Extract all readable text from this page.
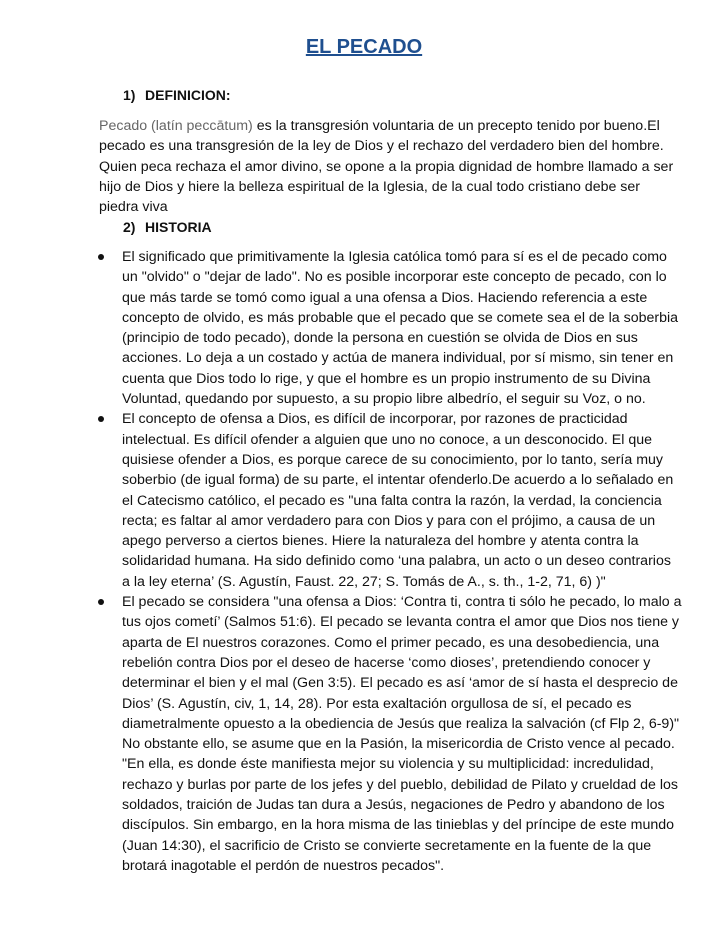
EL PECADO
1) DEFINICION:

Pecado (latín peccātum) es la transgresión voluntaria de un precepto tenido por bueno.El pecado es una transgresión de la ley de Dios y el rechazo del verdadero bien del hombre. Quien peca rechaza el amor divino, se opone a la propia dignidad de hombre llamado a ser hijo de Dios y hiere la belleza espiritual de la Iglesia, de la cual todo cristiano debe ser piedra viva

2) HISTORIA
El significado que primitivamente la Iglesia católica tomó para sí es el de pecado como un "olvido" o "dejar de lado". No es posible incorporar este concepto de pecado, con lo que más tarde se tomó como igual a una ofensa a Dios. Haciendo referencia a este concepto de olvido, es más probable que el pecado que se comete sea el de la soberbia (principio de todo pecado), donde la persona en cuestión se olvida de Dios en sus acciones. Lo deja a un costado y actúa de manera individual, por sí mismo, sin tener en cuenta que Dios todo lo rige, y que el hombre es un propio instrumento de su Divina Voluntad, quedando por supuesto, a su propio libre albedrío, el seguir su Voz, o no.
El concepto de ofensa a Dios, es difícil de incorporar, por razones de practicidad intelectual. Es difícil ofender a alguien que uno no conoce, a un desconocido. El que quisiese ofender a Dios, es porque carece de su conocimiento, por lo tanto, sería muy soberbio (de igual forma) de su parte, el intentar ofenderlo.De acuerdo a lo señalado en el Catecismo católico, el pecado es "una falta contra la razón, la verdad, la conciencia recta; es faltar al amor verdadero para con Dios y para con el prójimo, a causa de un apego perverso a ciertos bienes. Hiere la naturaleza del hombre y atenta contra la solidaridad humana. Ha sido definido como ‘una palabra, un acto o un deseo contrarios a la ley eterna’ (S. Agustín, Faust. 22, 27; S. Tomás de A., s. th., 1-2, 71, 6) )"
El pecado se considera "una ofensa a Dios: ‘Contra ti, contra ti sólo he pecado, lo malo a tus ojos cometí’ (Salmos 51:6). El pecado se levanta contra el amor que Dios nos tiene y aparta de El nuestros corazones. Como el primer pecado, es una desobediencia, una rebelión contra Dios por el deseo de hacerse ‘como dioses’, pretendiendo conocer y determinar el bien y el mal (Gen 3:5). El pecado es así ‘amor de sí hasta el desprecio de Dios’ (S. Agustín, civ, 1, 14, 28). Por esta exaltación orgullosa de sí, el pecado es diametralmente opuesto a la obediencia de Jesús que realiza la salvación (cf Flp 2, 6-9)" No obstante ello, se asume que en la Pasión, la misericordia de Cristo vence al pecado. "En ella, es donde éste manifiesta mejor su violencia y su multiplicidad: incredulidad, rechazo y burlas por parte de los jefes y del pueblo, debilidad de Pilato y crueldad de los soldados, traición de Judas tan dura a Jesús, negaciones de Pedro y abandono de los discípulos. Sin embargo, en la hora misma de las tinieblas y del príncipe de este mundo (Juan 14:30), el sacrificio de Cristo se convierte secretamente en la fuente de la que brotará inagotable el perdón de nuestros pecados".
